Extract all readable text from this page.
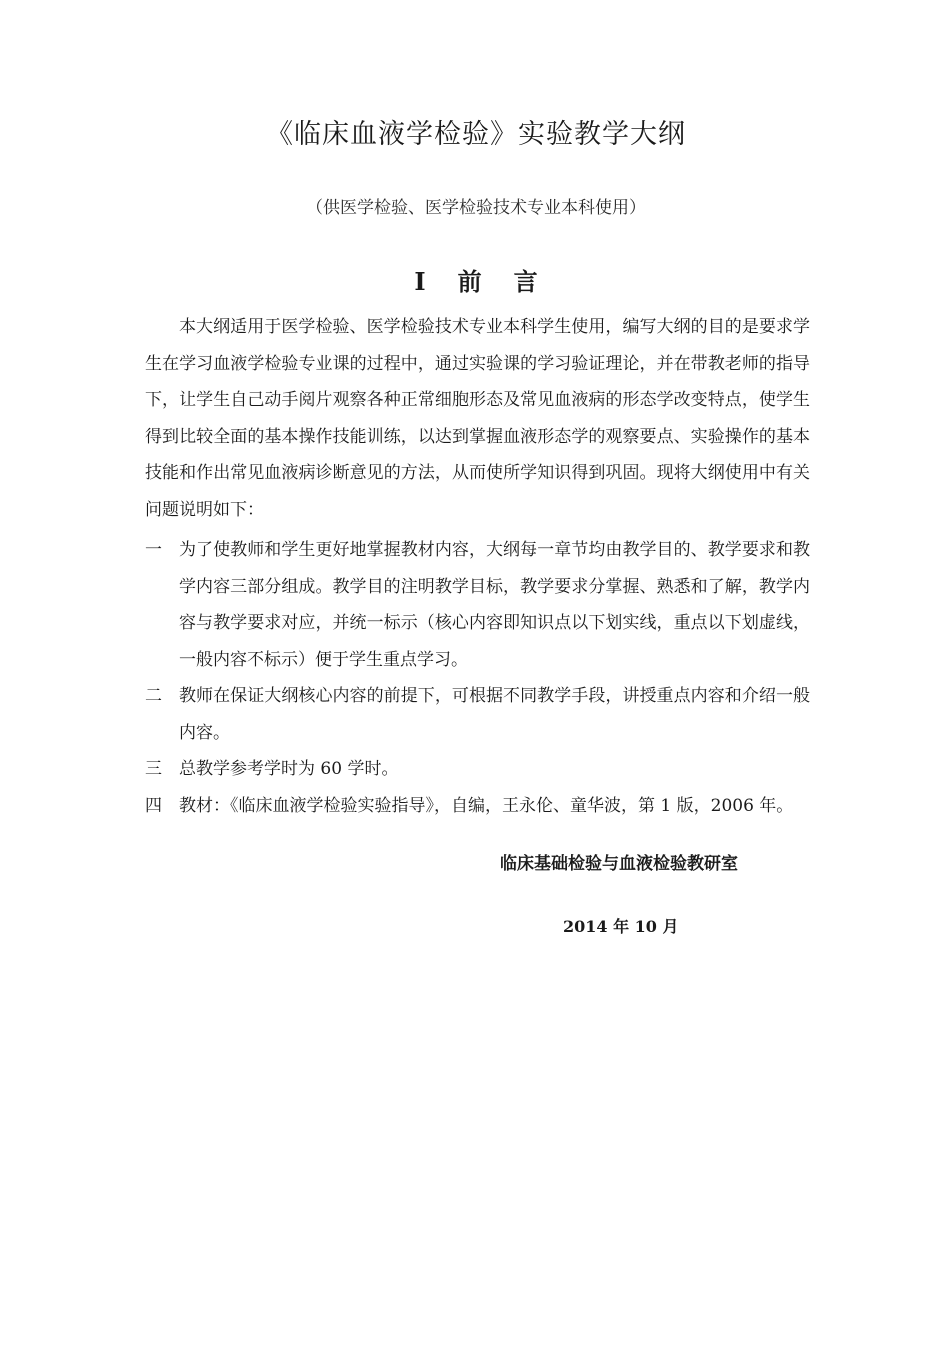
《临床血液学检验》实验教学大纲

（供医学检验、医学检验技术专业本科使用）

I 前 言

本大纲适用于医学检验、医学检验技术专业本科学生使用，编写大纲的目的是要求学生在学习血液学检验专业课的过程中，通过实验课的学习验证理论，并在带教老师的指导下，让学生自己动手阅片观察各种正常细胞形态及常见血液病的形态学改变特点，使学生得到比较全面的基本操作技能训练，以达到掌握血液形态学的观察要点、实验操作的基本技能和作出常见血液病诊断意见的方法，从而使所学知识得到巩固。现将大纲使用中有关问题说明如下：

一 为了使教师和学生更好地掌握教材内容，大纲每一章节均由教学目的、教学要求和教学内容三部分组成。教学目的注明教学目标，教学要求分掌握、熟悉和了解，教学内容与教学要求对应，并统一标示（核心内容即知识点以下划实线，重点以下划虚线，一般内容不标示）便于学生重点学习。
二 教师在保证大纲核心内容的前提下，可根据不同教学手段，讲授重点内容和介绍一般内容。
三 总教学参考学时为 60 学时。
四 教材：《临床血液学检验实验指导》，自编，王永伦、童华波，第 1 版，2006 年。

临床基础检验与血液检验教研室

2014 年 10 月
